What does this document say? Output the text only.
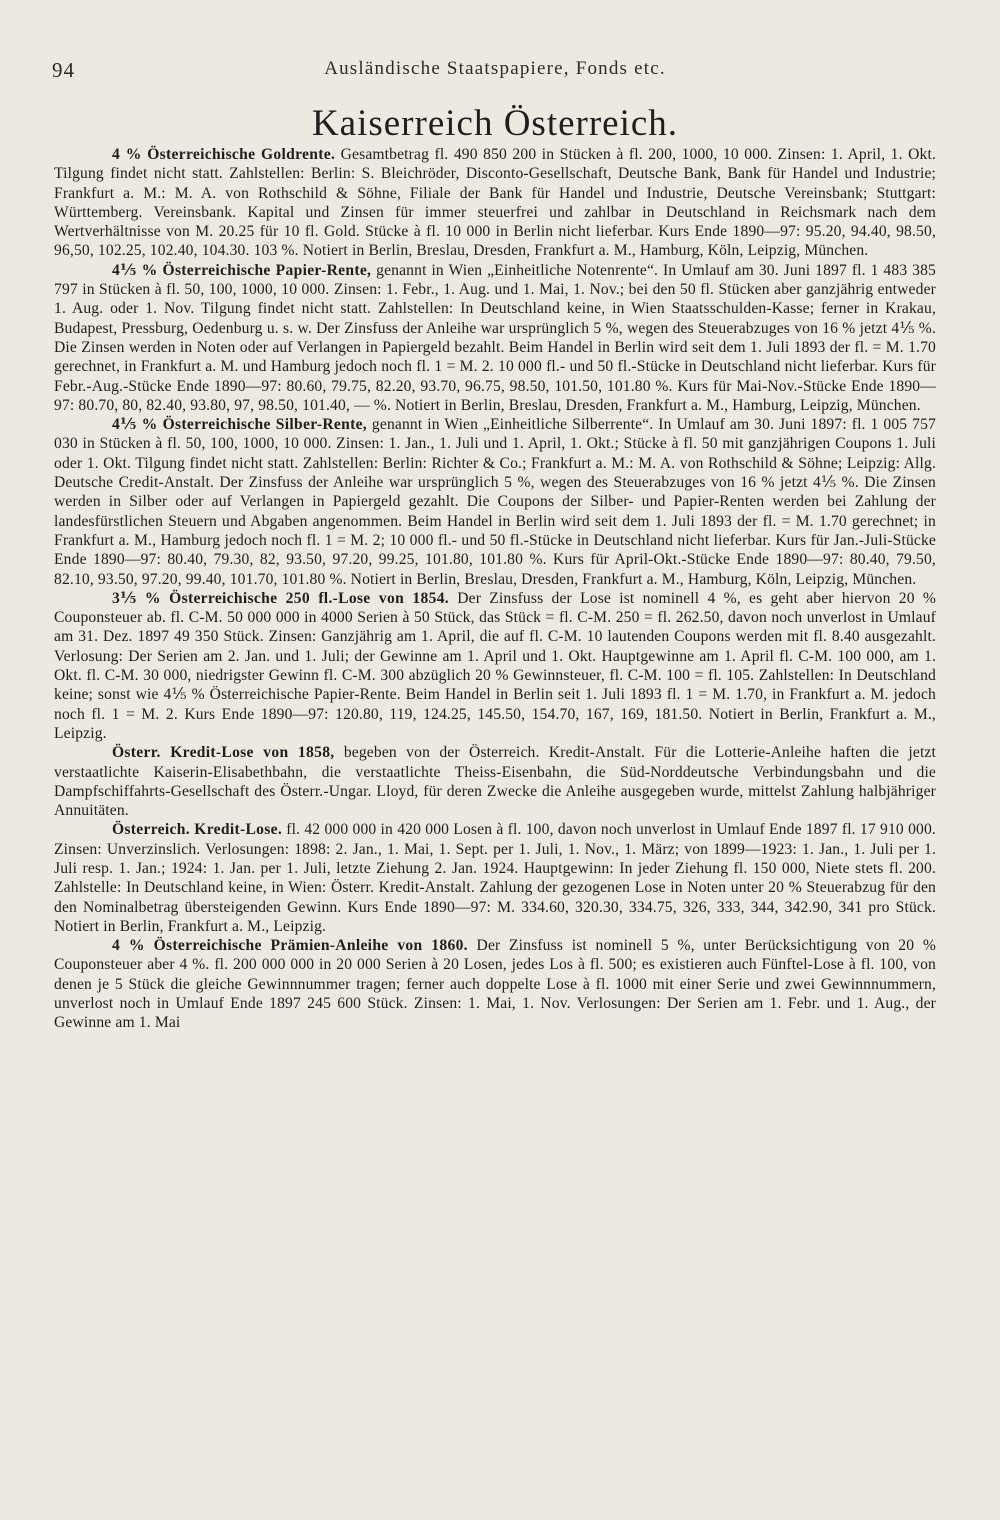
94	Ausländische Staatspapiere, Fonds etc.
Kaiserreich Österreich.

4 % Österreichische Goldrente. Gesamtbetrag fl. 490 850 200 in Stücken à fl. 200, 1000, 10 000. Zinsen: 1. April, 1. Okt. Tilgung findet nicht statt. Zahlstellen: Berlin: S. Bleichröder, Disconto-Gesellschaft, Deutsche Bank, Bank für Handel und Industrie; Frankfurt a. M.: M. A. von Rothschild & Söhne, Filiale der Bank für Handel und Industrie, Deutsche Vereinsbank; Stuttgart: Württemberg. Vereinsbank. Kapital und Zinsen für immer steuerfrei und zahlbar in Deutschland in Reichsmark nach dem Wertverhältnisse von M. 20.25 für 10 fl. Gold. Stücke à fl. 10 000 in Berlin nicht lieferbar. Kurs Ende 1890—97: 95.20, 94.40, 98.50, 96,50, 102.25, 102.40, 104.30. 103 %. Notiert in Berlin, Breslau, Dresden, Frankfurt a. M., Hamburg, Köln, Leipzig, München.

4⅕ % Österreichische Papier-Rente, genannt in Wien „Einheitliche Notenrente“. In Umlauf am 30. Juni 1897 fl. 1 483 385 797 in Stücken à fl. 50, 100, 1000, 10 000. Zinsen: 1. Febr., 1. Aug. und 1. Mai, 1. Nov.; bei den 50 fl. Stücken aber ganzjährig entweder 1. Aug. oder 1. Nov. Tilgung findet nicht statt. Zahlstellen: In Deutschland keine, in Wien Staatsschulden-Kasse; ferner in Krakau, Budapest, Pressburg, Oedenburg u. s. w. Der Zinsfuss der Anleihe war ursprünglich 5 %, wegen des Steuerabzuges von 16 % jetzt 4⅕ %. Die Zinsen werden in Noten oder auf Verlangen in Papiergeld bezahlt. Beim Handel in Berlin wird seit dem 1. Juli 1893 der fl. = M. 1.70 gerechnet, in Frankfurt a. M. und Hamburg jedoch noch fl. 1 = M. 2. 10 000 fl.- und 50 fl.-Stücke in Deutschland nicht lieferbar. Kurs für Febr.-Aug.-Stücke Ende 1890—97: 80.60, 79.75, 82.20, 93.70, 96.75, 98.50, 101.50, 101.80 %. Kurs für Mai-Nov.-Stücke Ende 1890—97: 80.70, 80, 82.40, 93.80, 97, 98.50, 101.40, — %. Notiert in Berlin, Breslau, Dresden, Frankfurt a. M., Hamburg, Leipzig, München.

4⅕ % Österreichische Silber-Rente, genannt in Wien „Einheitliche Silberrente“. In Umlauf am 30. Juni 1897: fl. 1 005 757 030 in Stücken à fl. 50, 100, 1000, 10 000. Zinsen: 1. Jan., 1. Juli und 1. April, 1. Okt.; Stücke à fl. 50 mit ganzjährigen Coupons 1. Juli oder 1. Okt. Tilgung findet nicht statt. Zahlstellen: Berlin: Richter & Co.; Frankfurt a. M.: M. A. von Rothschild & Söhne; Leipzig: Allg. Deutsche Credit-Anstalt. Der Zinsfuss der Anleihe war ursprünglich 5 %, wegen des Steuerabzuges von 16 % jetzt 4⅕ %. Die Zinsen werden in Silber oder auf Verlangen in Papiergeld gezahlt. Die Coupons der Silber- und Papier-Renten werden bei Zahlung der landesfürstlichen Steuern und Abgaben angenommen. Beim Handel in Berlin wird seit dem 1. Juli 1893 der fl. = M. 1.70 gerechnet; in Frankfurt a. M., Hamburg jedoch noch fl. 1 = M. 2; 10 000 fl.- und 50 fl.-Stücke in Deutschland nicht lieferbar. Kurs für Jan.-Juli-Stücke Ende 1890—97: 80.40, 79.30, 82, 93.50, 97.20, 99.25, 101.80, 101.80 %. Kurs für April-Okt.-Stücke Ende 1890—97: 80.40, 79.50, 82.10, 93.50, 97.20, 99.40, 101.70, 101.80 %. Notiert in Berlin, Breslau, Dresden, Frankfurt a. M., Hamburg, Köln, Leipzig, München.

3⅕ % Österreichische 250 fl.-Lose von 1854. Der Zinsfuss der Lose ist nominell 4 %, es geht aber hiervon 20 % Couponsteuer ab. fl. C-M. 50 000 000 in 4000 Serien à 50 Stück, das Stück = fl. C-M. 250 = fl. 262.50, davon noch unverlost in Umlauf am 31. Dez. 1897 49 350 Stück. Zinsen: Ganzjährig am 1. April, die auf fl. C-M. 10 lautenden Coupons werden mit fl. 8.40 ausgezahlt. Verlosung: Der Serien am 2. Jan. und 1. Juli; der Gewinne am 1. April und 1. Okt. Hauptgewinne am 1. April fl. C-M. 100 000, am 1. Okt. fl. C-M. 30 000, niedrigster Gewinn fl. C-M. 300 abzüglich 20 % Gewinnsteuer, fl. C-M. 100 = fl. 105. Zahlstellen: In Deutschland keine; sonst wie 4⅕ % Österreichische Papier-Rente. Beim Handel in Berlin seit 1. Juli 1893 fl. 1 = M. 1.70, in Frankfurt a. M. jedoch noch fl. 1 = M. 2. Kurs Ende 1890—97: 120.80, 119, 124.25, 145.50, 154.70, 167, 169, 181.50. Notiert in Berlin, Frankfurt a. M., Leipzig.

Österr. Kredit-Lose von 1858, begeben von der Österreich. Kredit-Anstalt. Für die Lotterie-Anleihe haften die jetzt verstaatlichte Kaiserin-Elisabethbahn, die verstaatlichte Theiss-Eisenbahn, die Süd-Norddeutsche Verbindungsbahn und die Dampfschiffahrts-Gesellschaft des Österr.-Ungar. Lloyd, für deren Zwecke die Anleihe ausgegeben wurde, mittelst Zahlung halbjähriger Annuitäten.

Österreich. Kredit-Lose. fl. 42 000 000 in 420 000 Losen à fl. 100, davon noch unverlost in Umlauf Ende 1897 fl. 17 910 000. Zinsen: Unverzinslich. Verlosungen: 1898: 2. Jan., 1. Mai, 1. Sept. per 1. Juli, 1. Nov., 1. März; von 1899—1923: 1. Jan., 1. Juli per 1. Juli resp. 1. Jan.; 1924: 1. Jan. per 1. Juli, letzte Ziehung 2. Jan. 1924. Hauptgewinn: In jeder Ziehung fl. 150 000, Niete stets fl. 200. Zahlstelle: In Deutschland keine, in Wien: Österr. Kredit-Anstalt. Zahlung der gezogenen Lose in Noten unter 20 % Steuerabzug für den den Nominalbetrag übersteigenden Gewinn. Kurs Ende 1890—97: M. 334.60, 320.30, 334.75, 326, 333, 344, 342.90, 341 pro Stück. Notiert in Berlin, Frankfurt a. M., Leipzig.

4 % Österreichische Prämien-Anleihe von 1860. Der Zinsfuss ist nominell 5 %, unter Berücksichtigung von 20 % Couponsteuer aber 4 %. fl. 200 000 000 in 20 000 Serien à 20 Losen, jedes Los à fl. 500; es existieren auch Fünftel-Lose à fl. 100, von denen je 5 Stück die gleiche Gewinnnummer tragen; ferner auch doppelte Lose à fl. 1000 mit einer Serie und zwei Gewinnnummern, unverlost noch in Umlauf Ende 1897 245 600 Stück. Zinsen: 1. Mai, 1. Nov. Verlosungen: Der Serien am 1. Febr. und 1. Aug., der Gewinne am 1. Mai
